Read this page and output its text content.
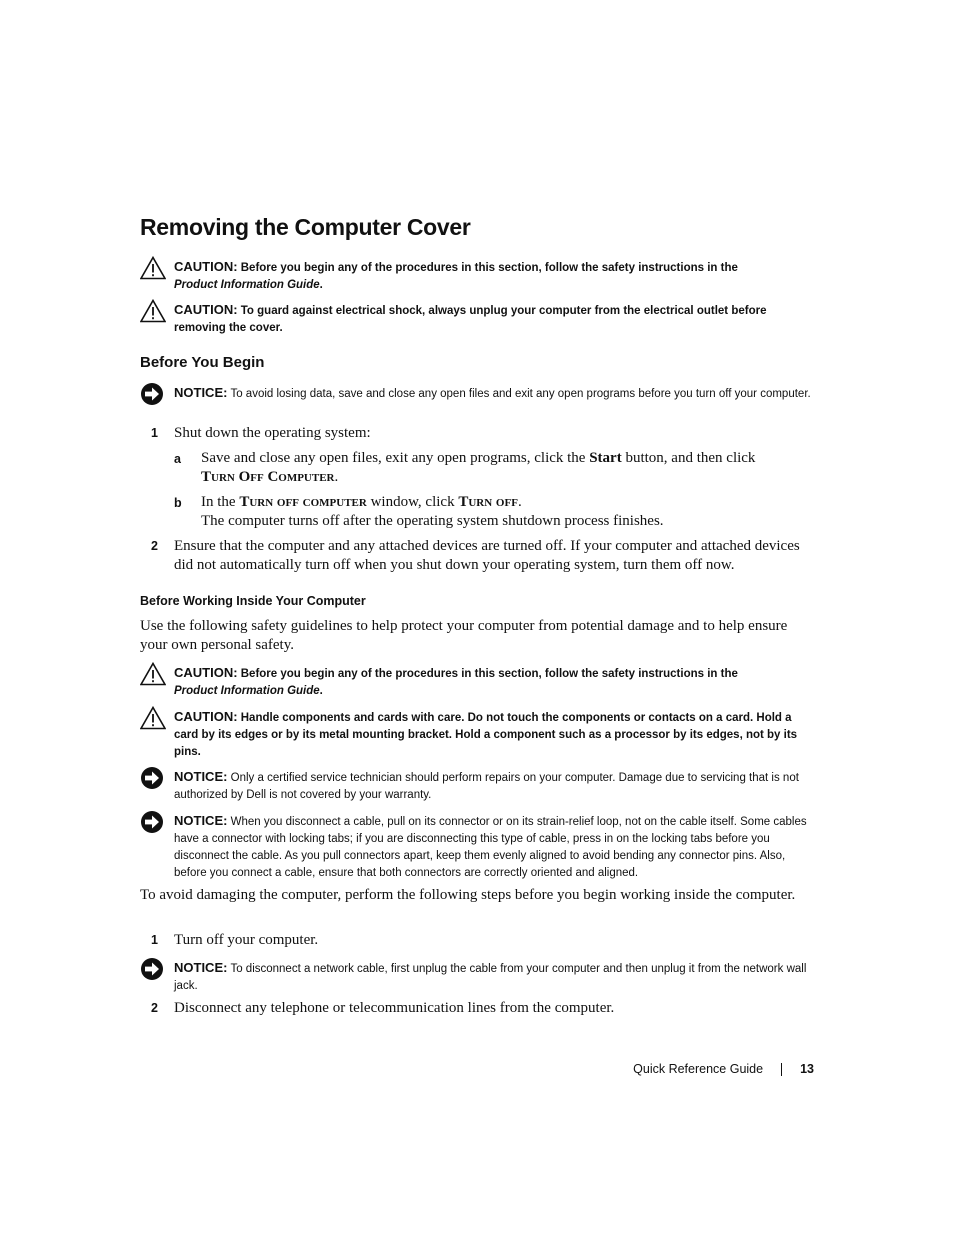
Removing the Computer Cover
CAUTION: Before you begin any of the procedures in this section, follow the safety instructions in the
Product Information Guide.
CAUTION: To guard against electrical shock, always unplug your computer from the electrical outlet before removing the cover.
Before You Begin
NOTICE: To avoid losing data, save and close any open files and exit any open programs before you turn off your computer.
1 Shut down the operating system:
a Save and close any open files, exit any open programs, click the Start button, and then click
Turn Off Computer.
b In the Turn off computer window, click Turn off.
The computer turns off after the operating system shutdown process finishes.
2 Ensure that the computer and any attached devices are turned off. If your computer and attached devices did not automatically turn off when you shut down your operating system, turn them off now.
Before Working Inside Your Computer

Use the following safety guidelines to help protect your computer from potential damage and to help ensure your own personal safety.

CAUTION: Before you begin any of the procedures in this section, follow the safety instructions in the
Product Information Guide.
CAUTION: Handle components and cards with care. Do not touch the components or contacts on a card. Hold a card by its edges or by its metal mounting bracket. Hold a component such as a processor by its edges, not by its pins.
NOTICE: Only a certified service technician should perform repairs on your computer. Damage due to servicing that is not authorized by Dell is not covered by your warranty.
NOTICE: When you disconnect a cable, pull on its connector or on its strain-relief loop, not on the cable itself. Some cables have a connector with locking tabs; if you are disconnecting this type of cable, press in on the locking tabs before you disconnect the cable. As you pull connectors apart, keep them evenly aligned to avoid bending any connector pins. Also, before you connect a cable, ensure that both connectors are correctly oriented and aligned.

To avoid damaging the computer, perform the following steps before you begin working inside the computer.

1 Turn off your computer.
NOTICE: To disconnect a network cable, first unplug the cable from your computer and then unplug it from the network wall jack.
2 Disconnect any telephone or telecommunication lines from the computer.
Quick Reference Guide	13
